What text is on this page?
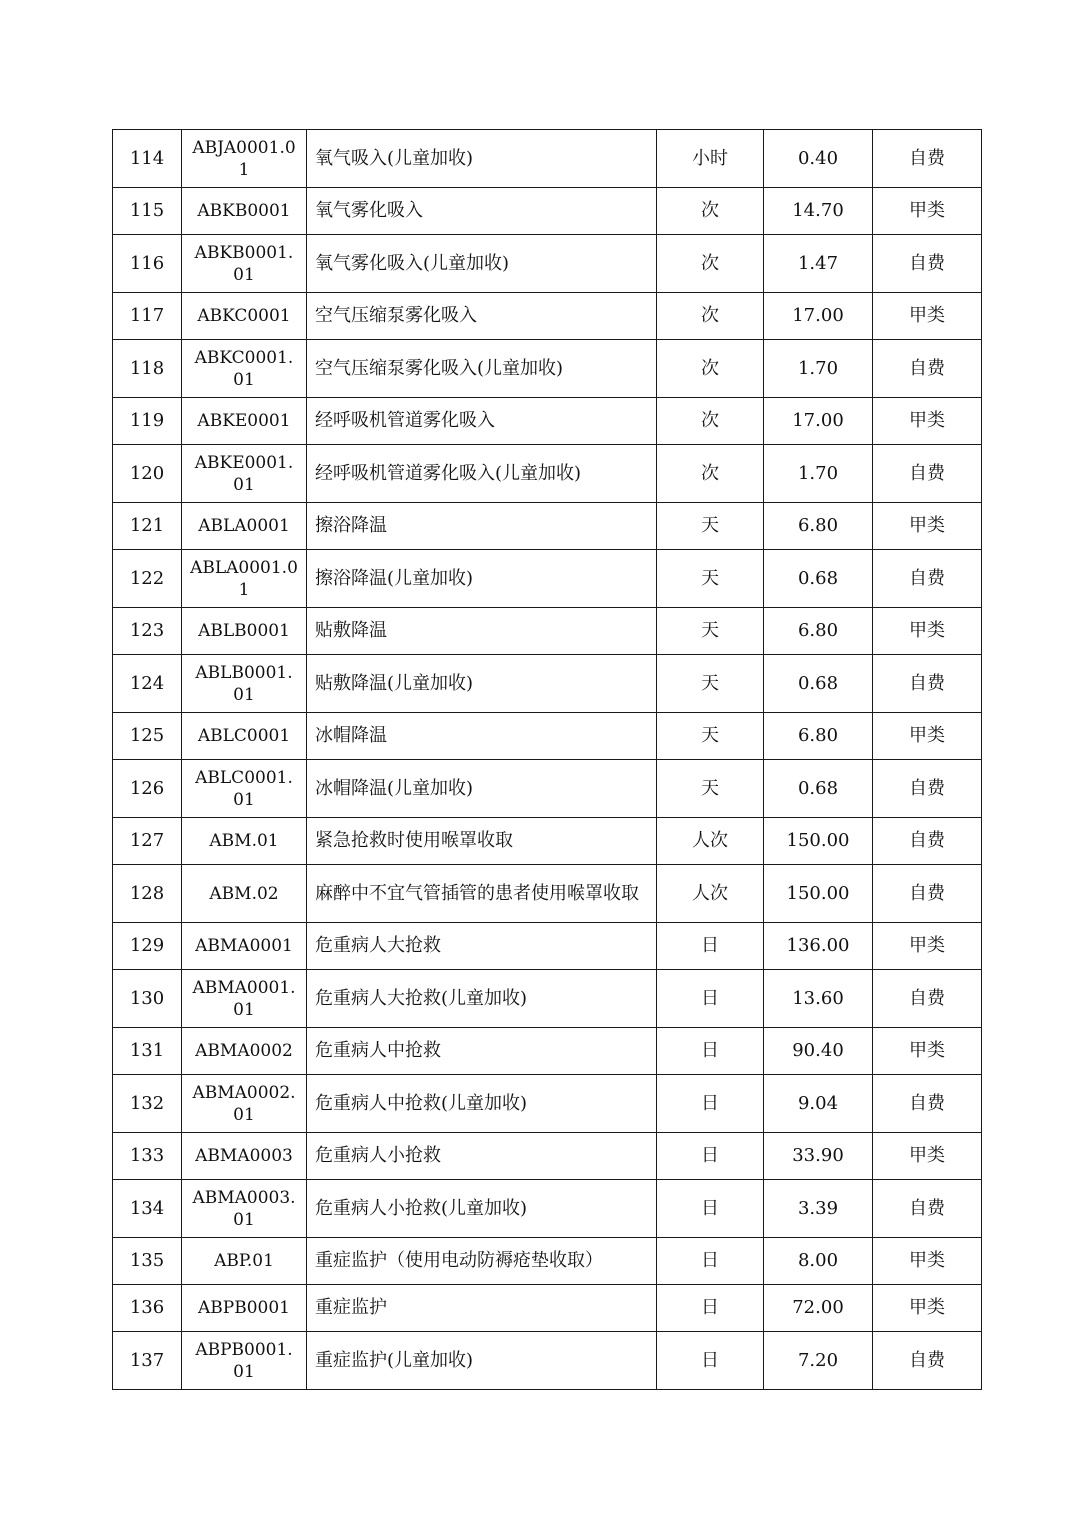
114	ABJA0001.01	氧气吸入(儿童加收)	小时	0.40	自费
115	ABKB0001	氧气雾化吸入	次	14.70	甲类
116	ABKB0001.01	氧气雾化吸入(儿童加收)	次	1.47	自费
117	ABKC0001	空气压缩泵雾化吸入	次	17.00	甲类
118	ABKC0001.01	空气压缩泵雾化吸入(儿童加收)	次	1.70	自费
119	ABKE0001	经呼吸机管道雾化吸入	次	17.00	甲类
120	ABKE0001.01	经呼吸机管道雾化吸入(儿童加收)	次	1.70	自费
121	ABLA0001	擦浴降温	天	6.80	甲类
122	ABLA0001.01	擦浴降温(儿童加收)	天	0.68	自费
123	ABLB0001	贴敷降温	天	6.80	甲类
124	ABLB0001.01	贴敷降温(儿童加收)	天	0.68	自费
125	ABLC0001	冰帽降温	天	6.80	甲类
126	ABLC0001.01	冰帽降温(儿童加收)	天	0.68	自费
127	ABM.01	紧急抢救时使用喉罩收取	人次	150.00	自费
128	ABM.02	麻醉中不宜气管插管的患者使用喉罩收取	人次	150.00	自费
129	ABMA0001	危重病人大抢救	日	136.00	甲类
130	ABMA0001.01	危重病人大抢救(儿童加收)	日	13.60	自费
131	ABMA0002	危重病人中抢救	日	90.40	甲类
132	ABMA0002.01	危重病人中抢救(儿童加收)	日	9.04	自费
133	ABMA0003	危重病人小抢救	日	33.90	甲类
134	ABMA0003.01	危重病人小抢救(儿童加收)	日	3.39	自费
135	ABP.01	重症监护（使用电动防褥疮垫收取）	日	8.00	甲类
136	ABPB0001	重症监护	日	72.00	甲类
137	ABPB0001.01	重症监护(儿童加收)	日	7.20	自费
